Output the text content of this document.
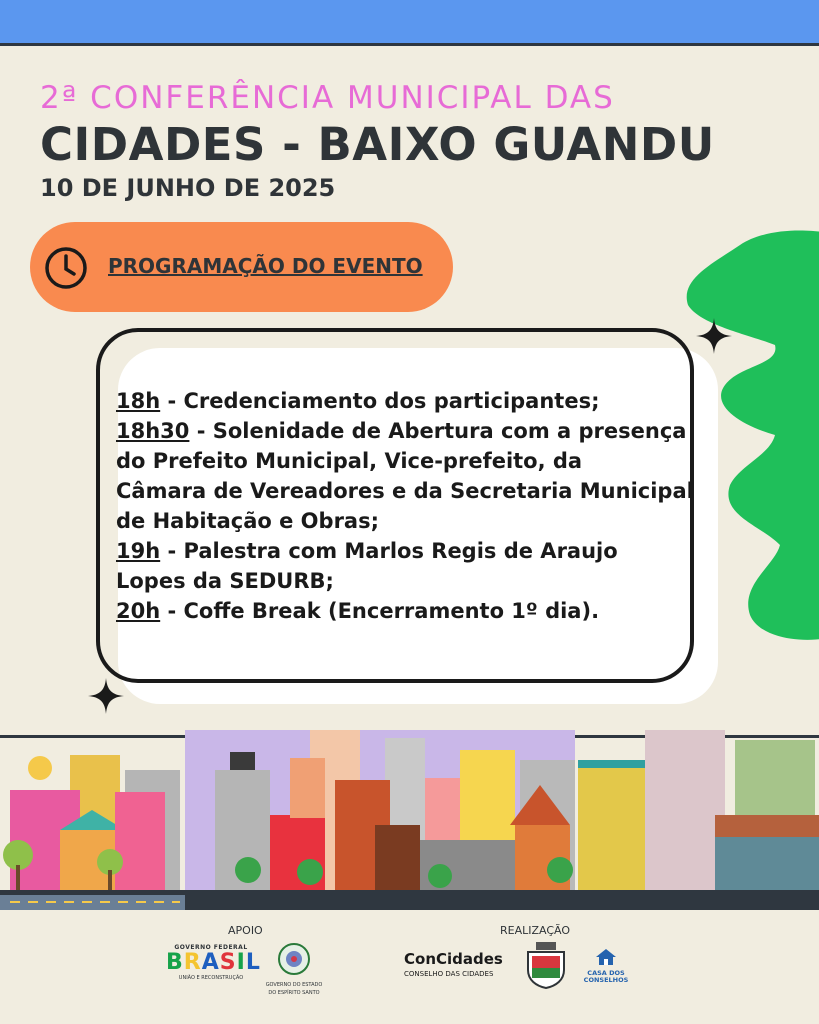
2ª CONFERÊNCIA MUNICIPAL DAS
CIDADES - BAIXO GUANDU
10 DE JUNHO DE 2025
PROGRAMAÇÃO DO EVENTO

18h - Credenciamento dos participantes;

18h30 - Solenidade de Abertura com a presença

do Prefeito Municipal, Vice-prefeito, da

Câmara de Vereadores e da Secretaria Municipal

de Habitação e Obras;

19h - Palestra com Marlos Regis de Araujo

Lopes da SEDURB;

20h - Coffe Break (Encerramento 1º dia).

APOIO	REALIZAÇÃO
GOVERNO FEDERAL
BRASIL
UNIÃO E RECONSTRUÇÃO
GOVERNO DO ESTADO
DO ESPÍRITO SANTO
ConCidades
CONSELHO DAS CIDADES	CASA DOS
CONSELHOS
